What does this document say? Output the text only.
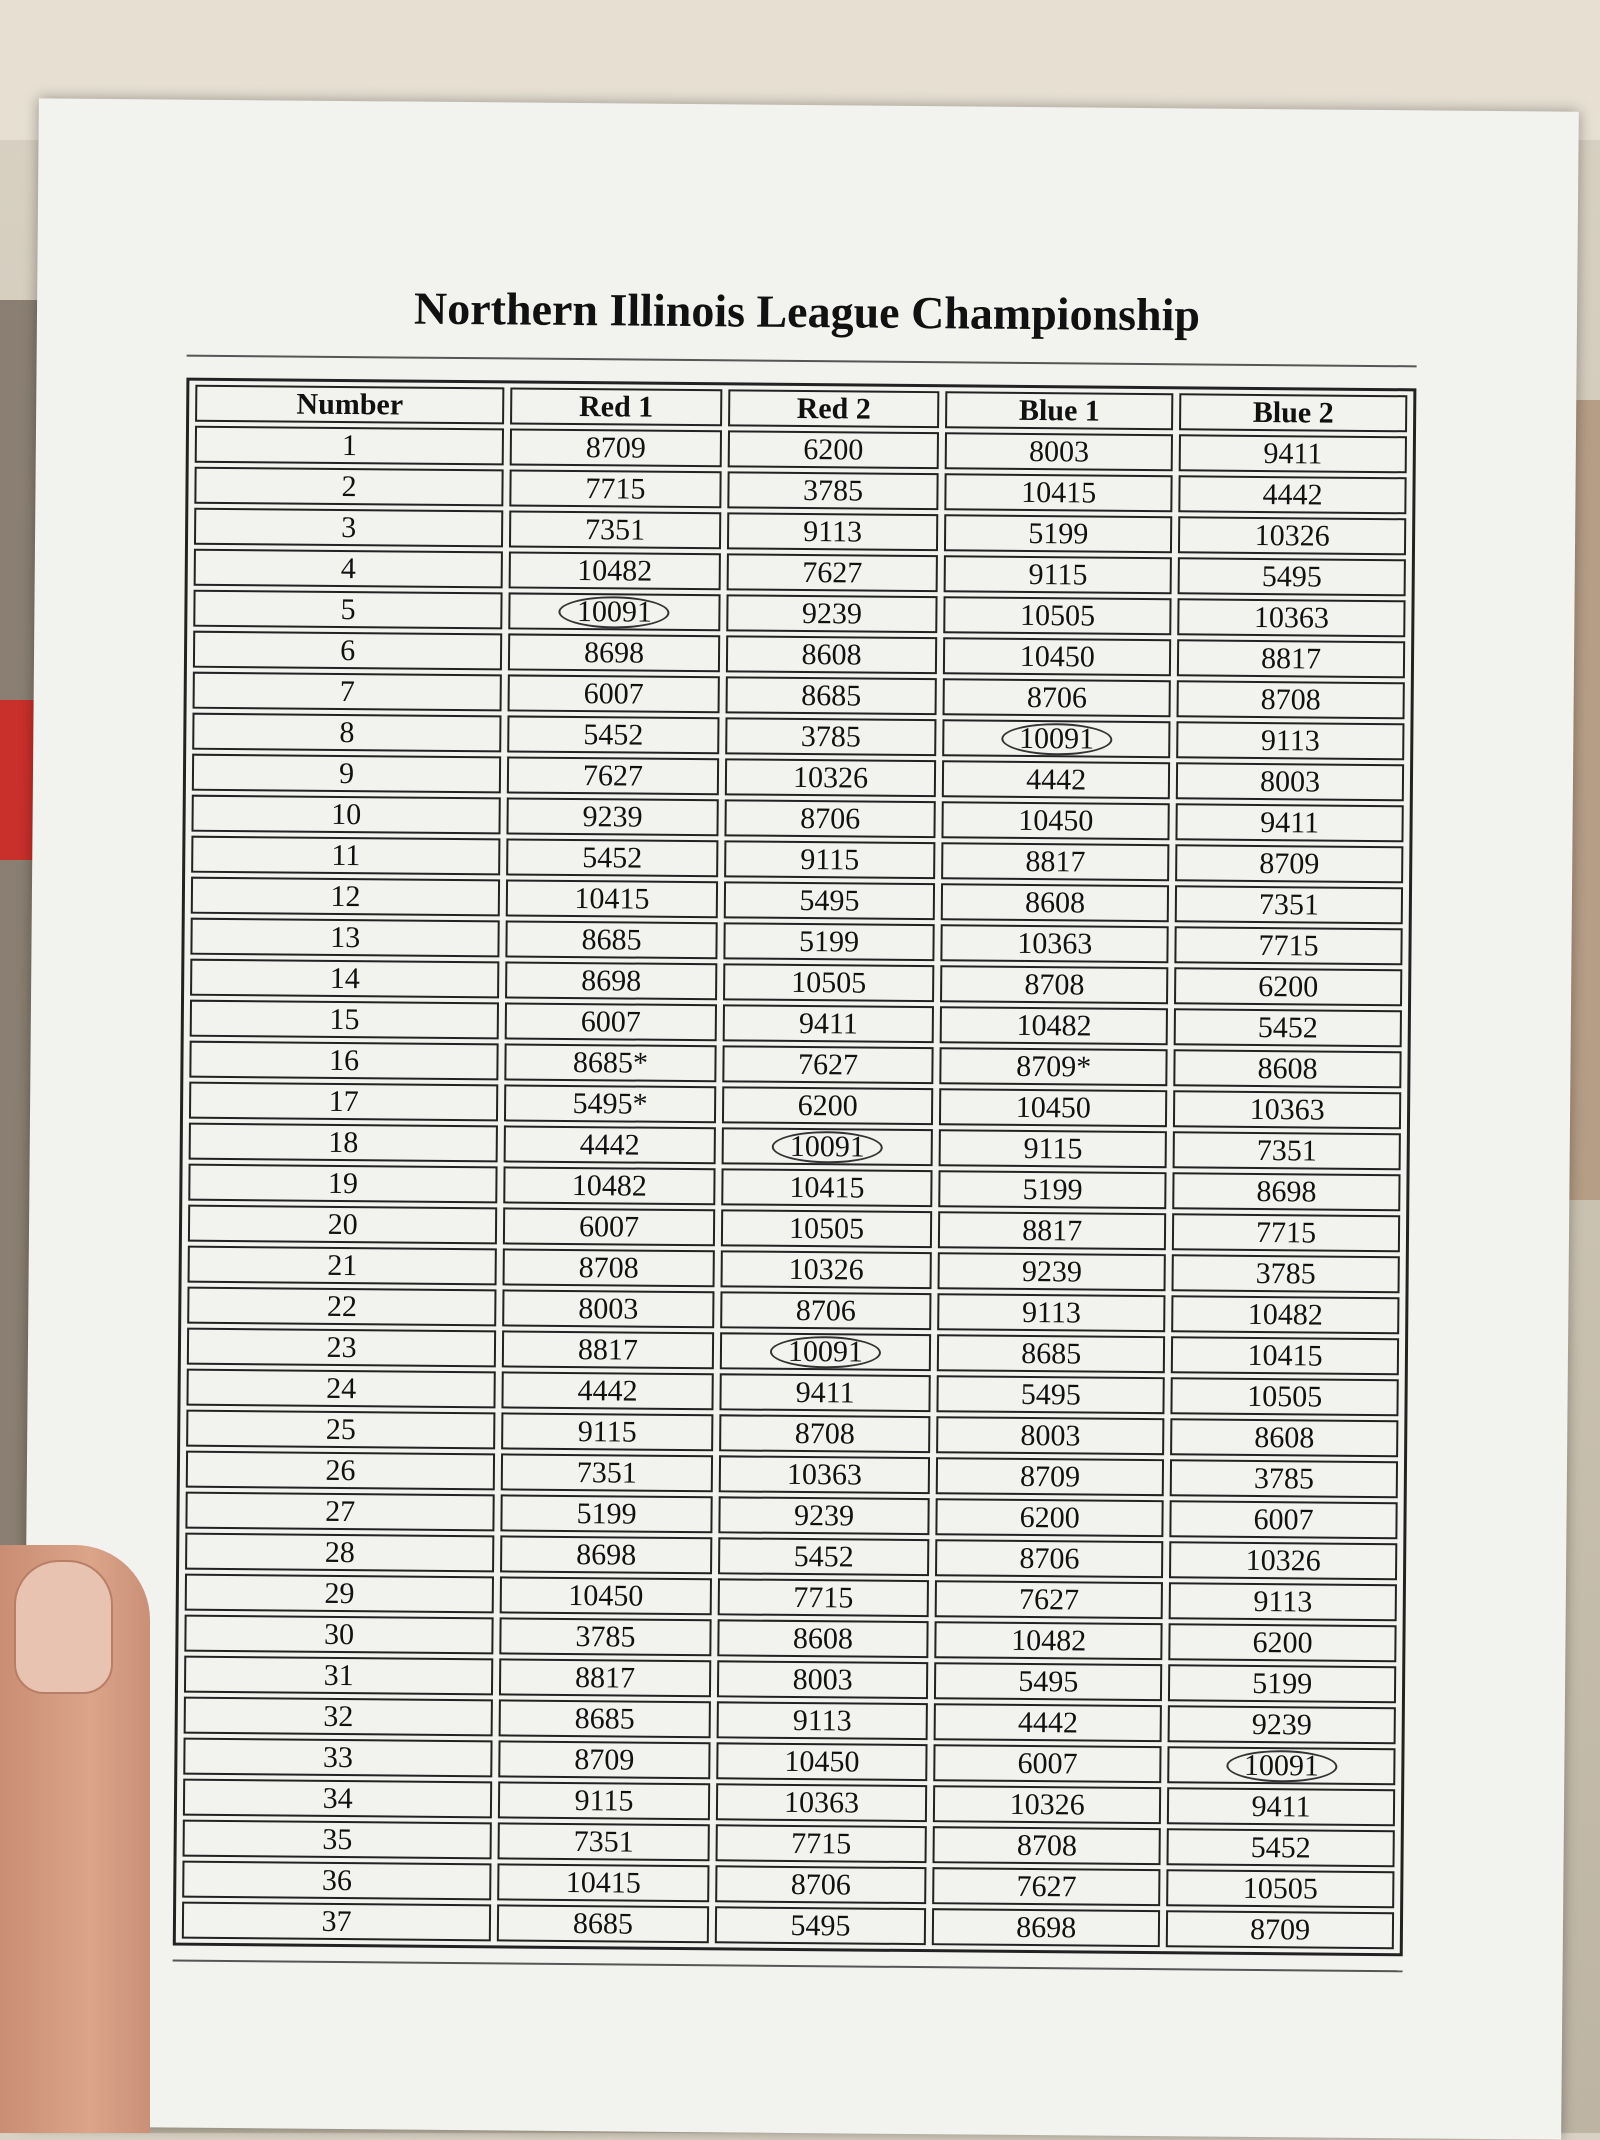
Northern Illinois League Championship
Number	Red 1	Red 2	Blue 1	Blue 2
1	8709	6200	8003	9411
2	7715	3785	10415	4442
3	7351	9113	5199	10326
4	10482	7627	9115	5495
5	10091	9239	10505	10363
6	8698	8608	10450	8817
7	6007	8685	8706	8708
8	5452	3785	10091	9113
9	7627	10326	4442	8003
10	9239	8706	10450	9411
11	5452	9115	8817	8709
12	10415	5495	8608	7351
13	8685	5199	10363	7715
14	8698	10505	8708	6200
15	6007	9411	10482	5452
16	8685*	7627	8709*	8608
17	5495*	6200	10450	10363
18	4442	10091	9115	7351
19	10482	10415	5199	8698
20	6007	10505	8817	7715
21	8708	10326	9239	3785
22	8003	8706	9113	10482
23	8817	10091	8685	10415
24	4442	9411	5495	10505
25	9115	8708	8003	8608
26	7351	10363	8709	3785
27	5199	9239	6200	6007
28	8698	5452	8706	10326
29	10450	7715	7627	9113
30	3785	8608	10482	6200
31	8817	8003	5495	5199
32	8685	9113	4442	9239
33	8709	10450	6007	10091
34	9115	10363	10326	9411
35	7351	7715	8708	5452
36	10415	8706	7627	10505
37	8685	5495	8698	8709
